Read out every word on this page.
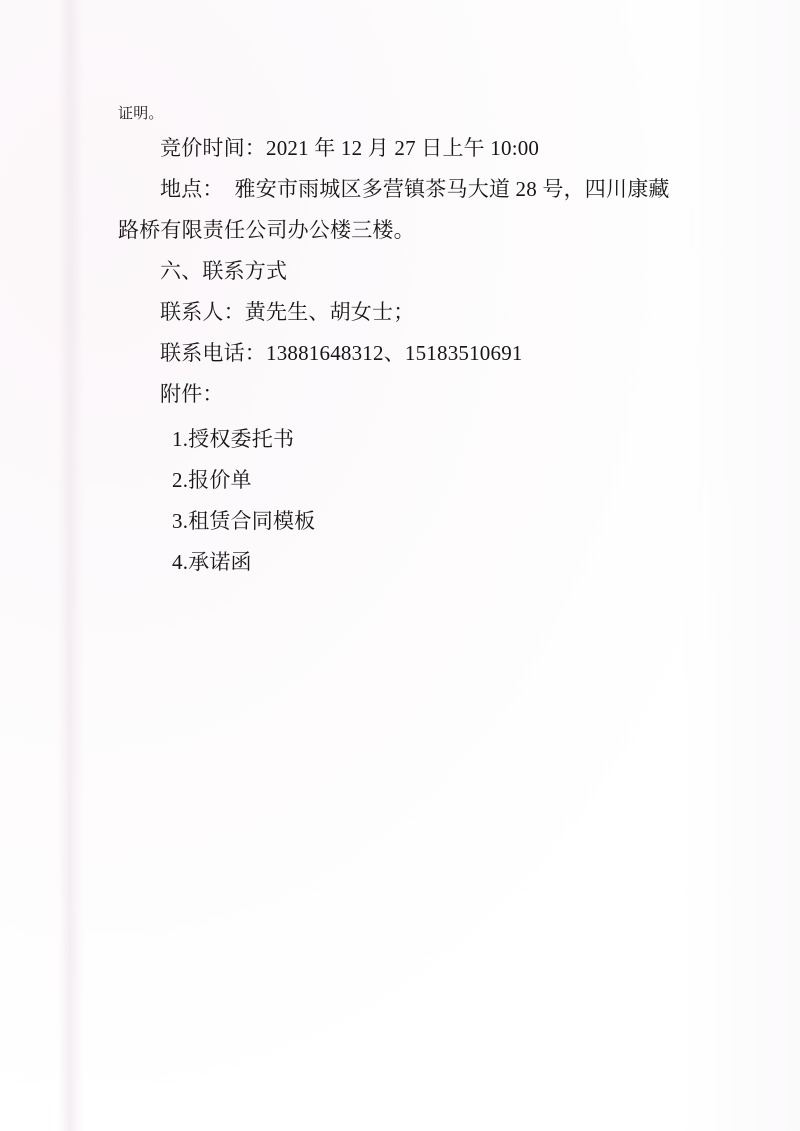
证明。
竞价时间：2021 年 12 月 27 日上午 10:00
地点：  雅安市雨城区多营镇茶马大道 28 号，四川康藏
路桥有限责任公司办公楼三楼。
六、联系方式
联系人：黄先生、胡女士；
联系电话：13881648312、15183510691
附件：
1.授权委托书
2.报价单
3.租赁合同模板
4.承诺函
